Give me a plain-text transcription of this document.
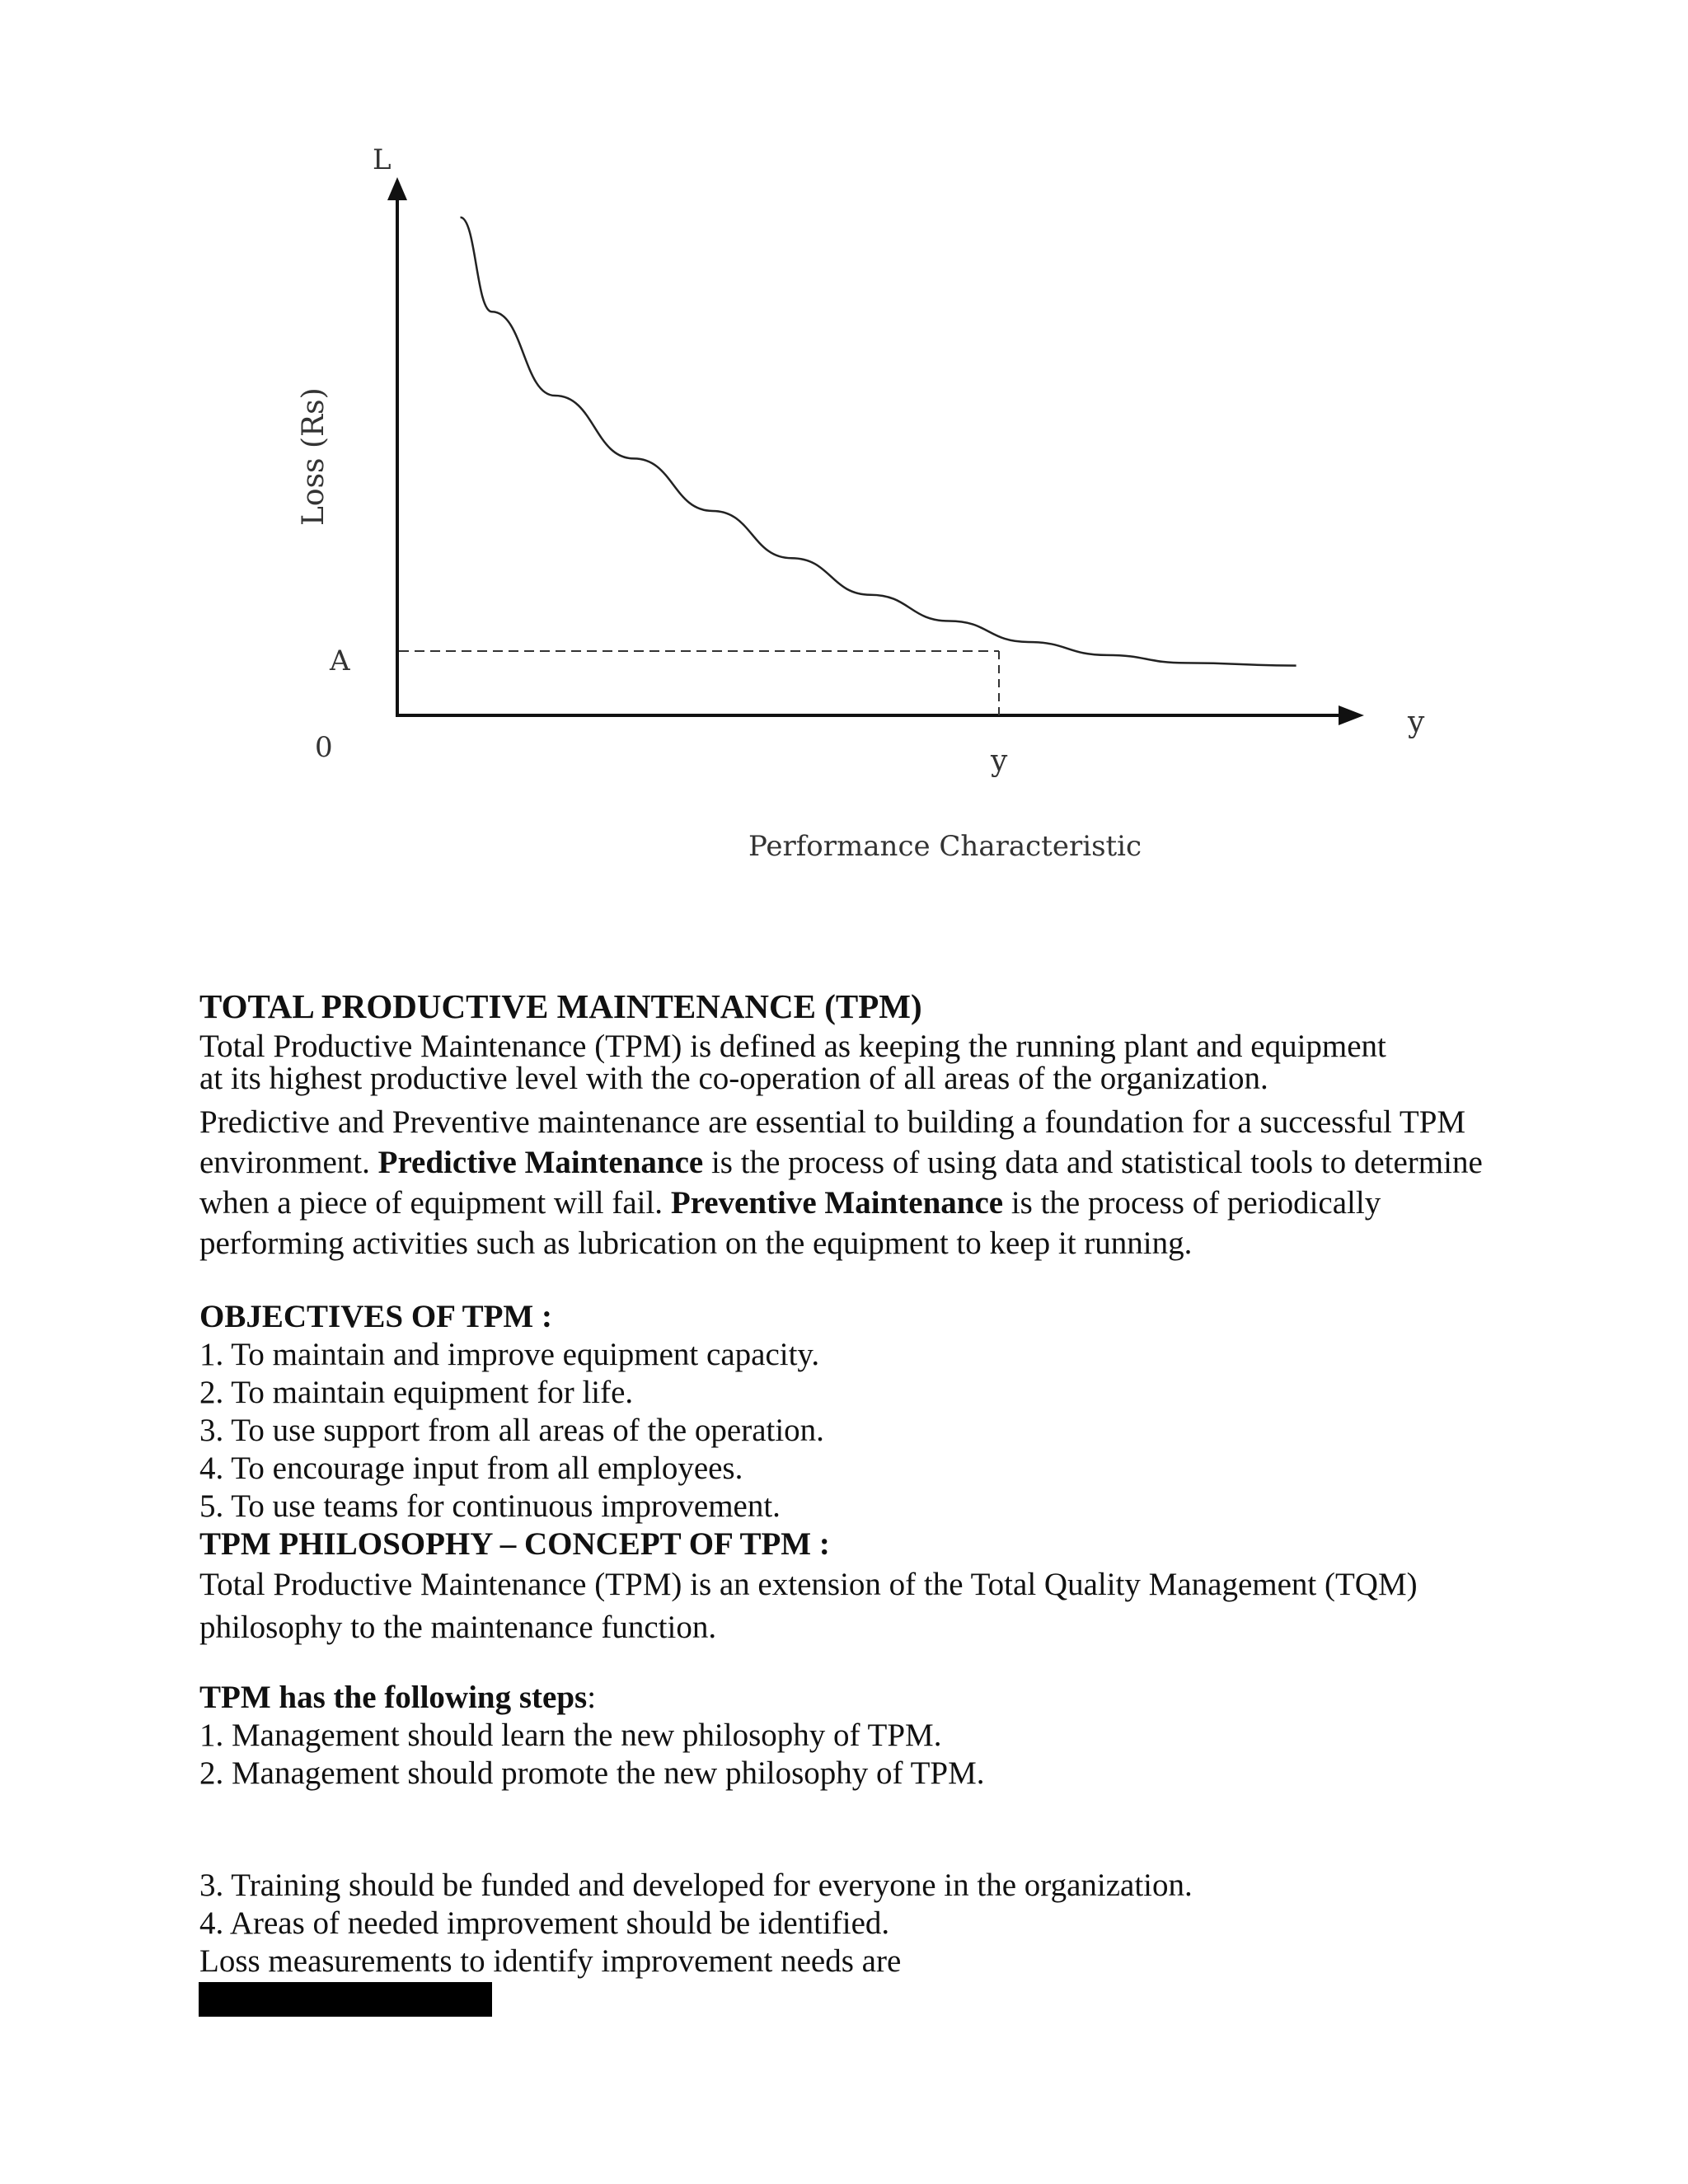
L
Loss (Rs)
A
0
y
y
Performance Characteristic

TOTAL PRODUCTIVE MAINTENANCE (TPM)

Total Productive Maintenance (TPM) is defined as keeping the running plant and equipment

at its highest productive level with the co-operation of all areas of the organization.

Predictive and Preventive maintenance are essential to building a foundation for a successful TPM environment. Predictive Maintenance is the process of using data and statistical tools to determine when a piece of equipment will fail. Preventive Maintenance is the process of periodically performing activities such as lubrication on the equipment to keep it running.

OBJECTIVES OF TPM :

1. To maintain and improve equipment capacity.
2. To maintain equipment for life.
3. To use support from all areas of the operation.
4. To encourage input from all employees.
5. To use teams for continuous improvement.

TPM PHILOSOPHY – CONCEPT OF TPM :

Total Productive Maintenance (TPM) is an extension of the Total Quality Management (TQM) philosophy to the maintenance function.

TPM has the following steps:

1. Management should learn the new philosophy of TPM.
2. Management should promote the new philosophy of TPM.
3. Training should be funded and developed for everyone in the organization.
4. Areas of needed improvement should be identified.

Loss measurements to identify improvement needs are
